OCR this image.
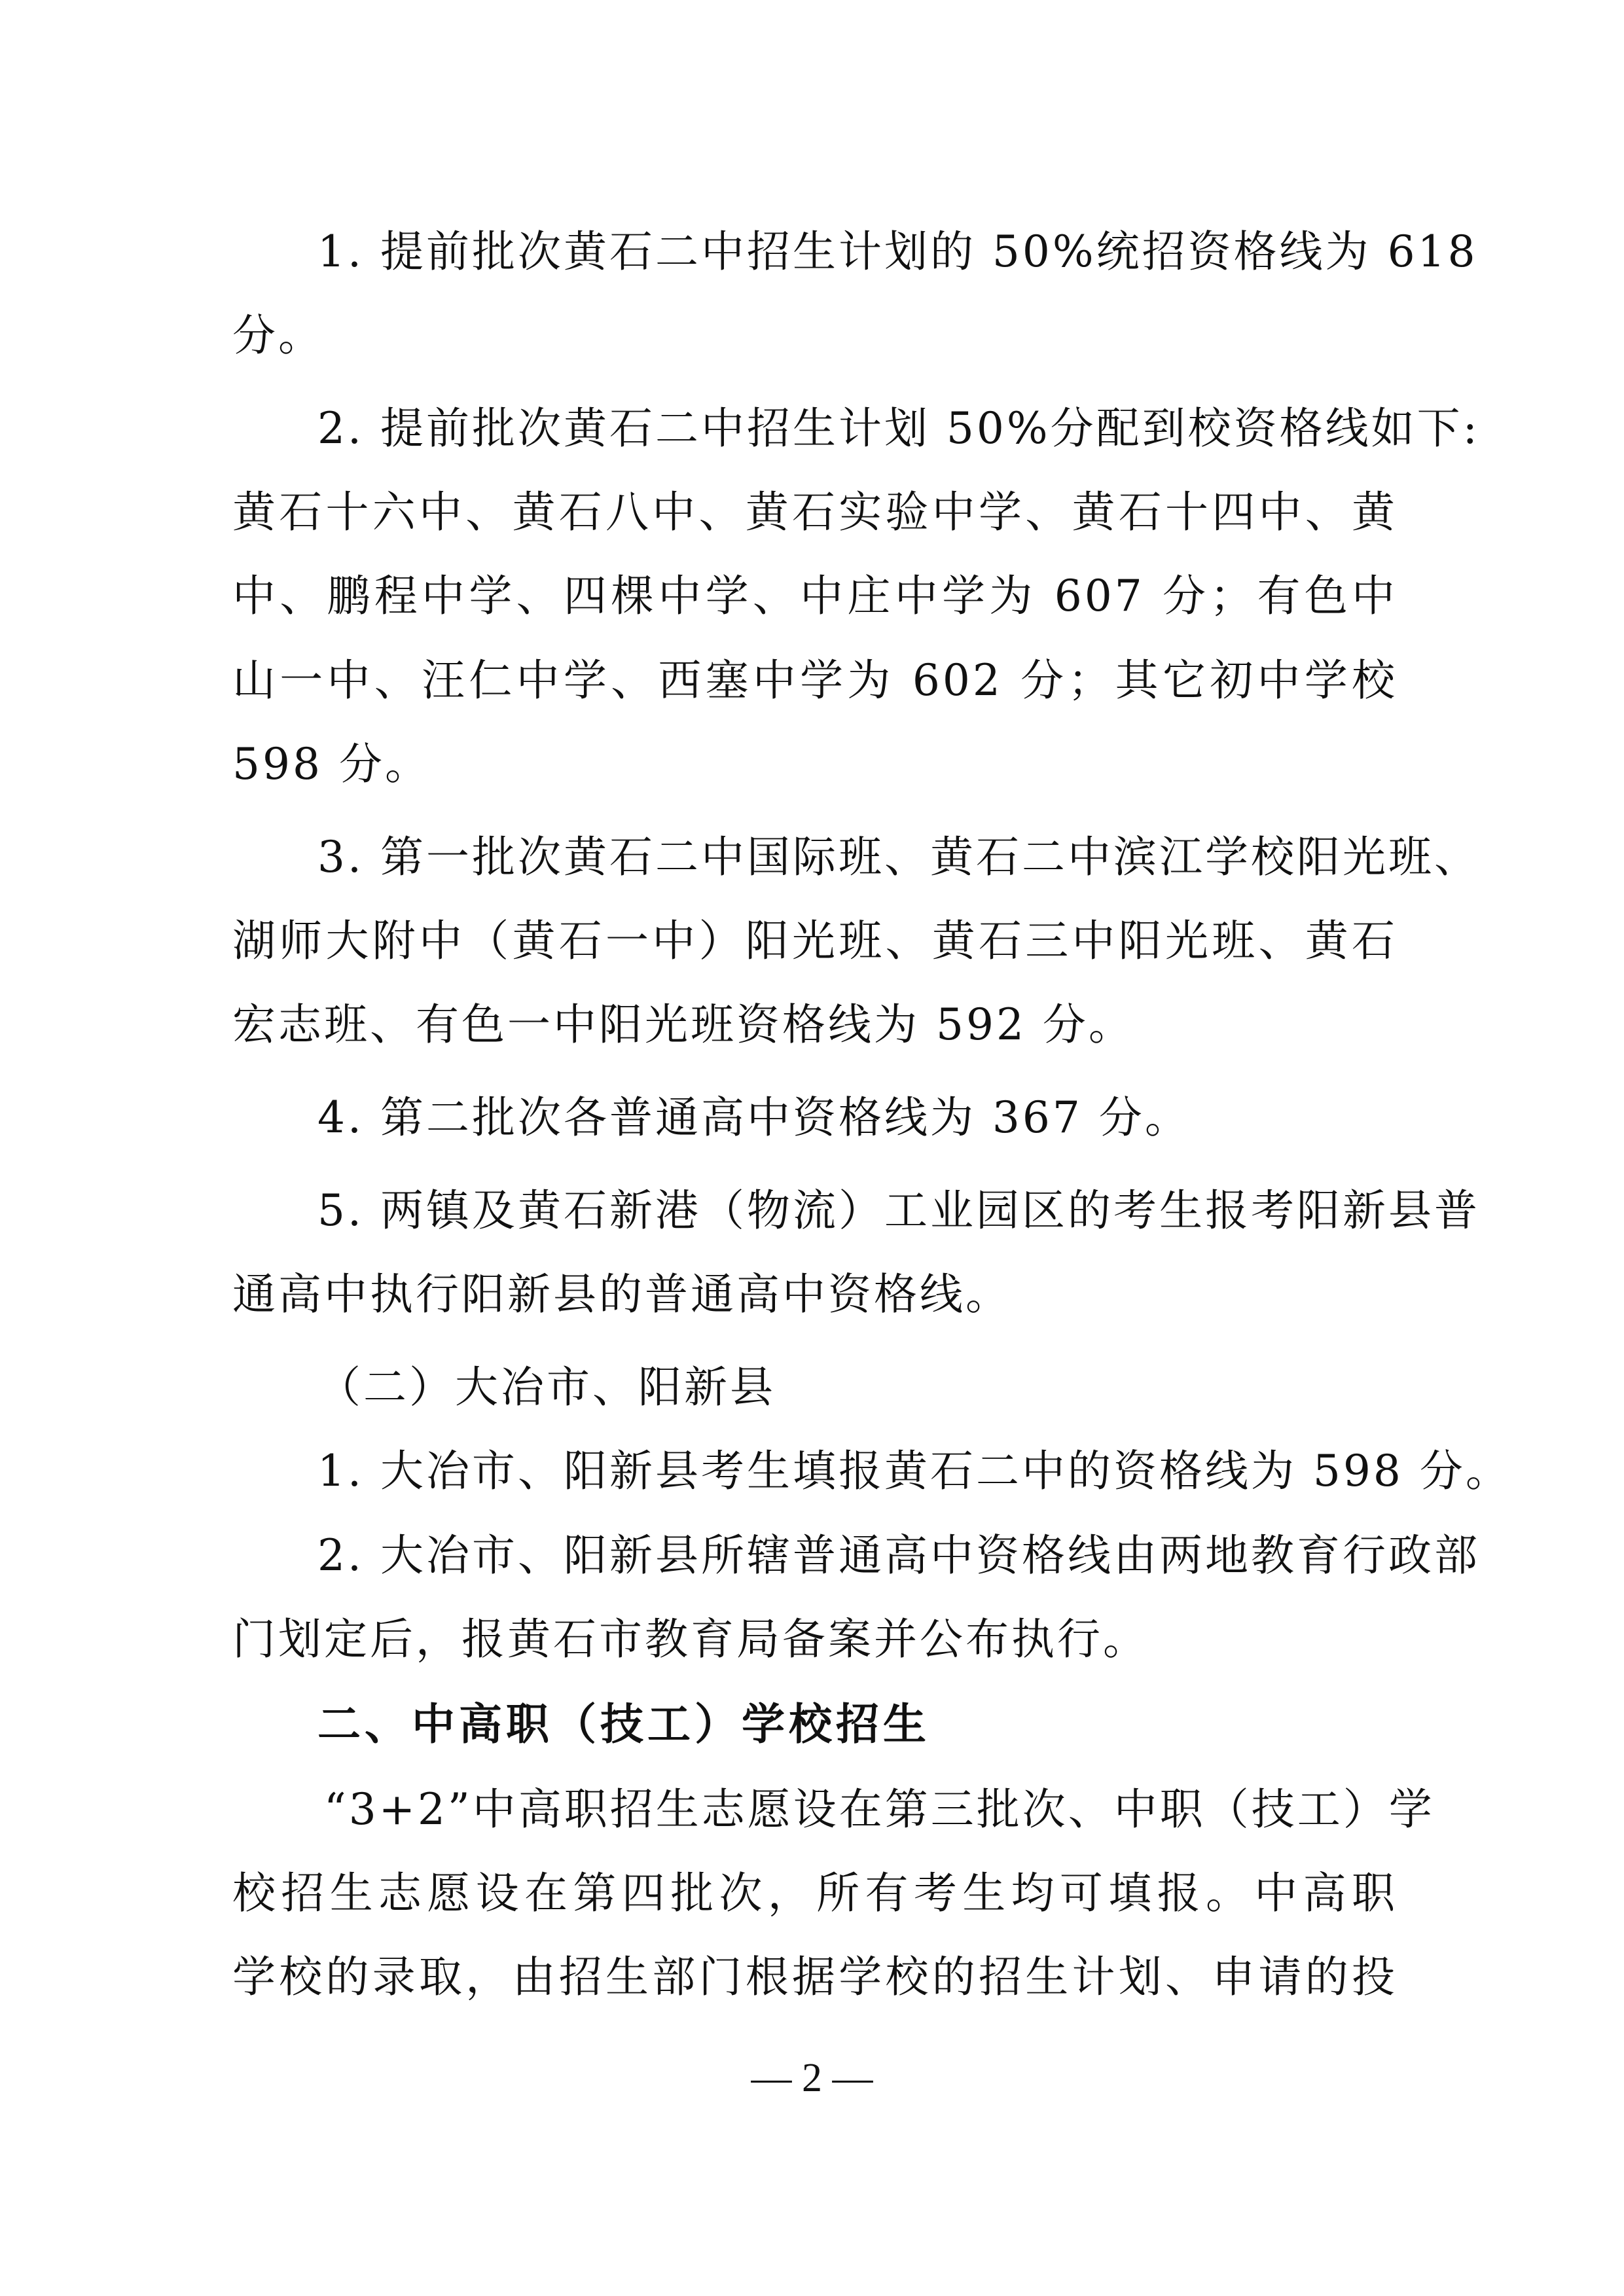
1. 提前批次黄石二中招生计划的 50%统招资格线为 618
分。
2. 提前批次黄石二中招生计划 50%分配到校资格线如下:
黄石十六中、黄石八中、黄石实验中学、黄石十四中、黄
中、鹏程中学、四棵中学、中庄中学为 607 分；有色中
山一中、汪仁中学、西塞中学为 602 分；其它初中学校
598 分。
3. 第一批次黄石二中国际班、黄石二中滨江学校阳光班、
湖师大附中（黄石一中）阳光班、黄石三中阳光班、黄石
宏志班、有色一中阳光班资格线为 592 分。
4. 第二批次各普通高中资格线为 367 分。
5. 两镇及黄石新港（物流）工业园区的考生报考阳新县普
通高中执行阳新县的普通高中资格线。
（二）大冶市、阳新县
1. 大冶市、阳新县考生填报黄石二中的资格线为 598 分。
2. 大冶市、阳新县所辖普通高中资格线由两地教育行政部
门划定后，报黄石市教育局备案并公布执行。
二、中高职（技工）学校招生
“3+2”中高职招生志愿设在第三批次、中职（技工）学
校招生志愿设在第四批次，所有考生均可填报。中高职
学校的录取，由招生部门根据学校的招生计划、申请的投
— 2 —
